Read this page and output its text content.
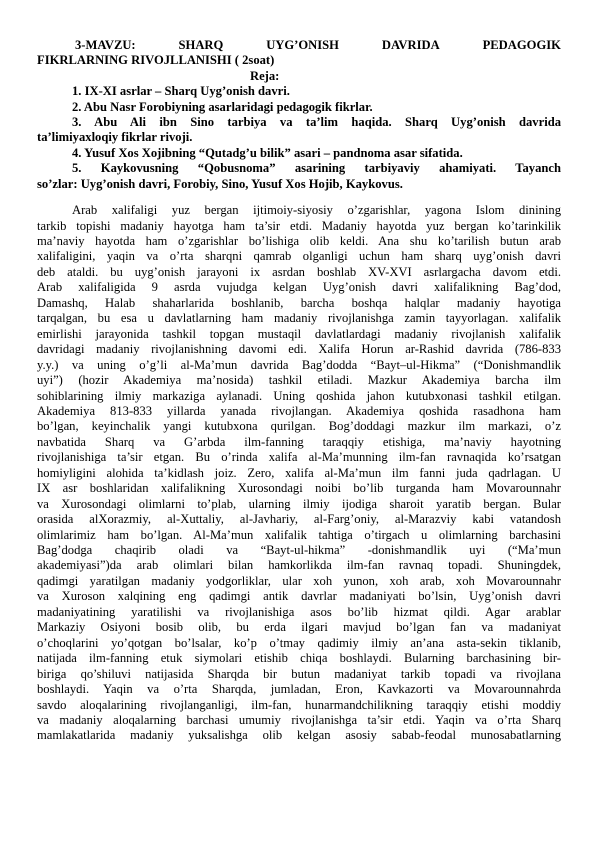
3-MAVZU:	SHARQ	UYG’ONISH	DAVRIDA	PEDAGOGIK
FIKRLARNING RIVOJLLANISHI ( 2soat)
Reja:
1. IX-XI asrlar – Sharq Uyg’onish davri.
2. Abu Nasr Forobiyning asarlaridagi pedagogik fikrlar.
3. Abu Ali ibn Sino tarbiya va ta’lim haqida. Sharq Uyg’onish davrida
ta’limiyaxloqiy fikrlar rivoji.
4. Yusuf Xos Xojibning “Qutadg’u bilik” asari – pandnoma asar sifatida.
5. Kaykovusning “Qobusnoma” asarining tarbiyaviy ahamiyati. Tayanch
so’zlar: Uyg’onish davri, Forobiy, Sino, Yusuf Xos Hojib, Kaykovus.
Arab xalifaligi yuz bergan ijtimoiy-siyosiy o’zgarishlar, yagona Islom dinining
tarkib topishi madaniy hayotga ham ta’sir etdi. Madaniy hayotda yuz bergan ko’tarinkilik
ma’naviy hayotda ham o’zgarishlar bo’lishiga olib keldi. Ana shu ko’tarilish butun arab
xalifaligini, yaqin va o’rta sharqni qamrab olganligi uchun ham sharq uyg’onish davri
deb ataldi. bu uyg’onish jarayoni ix asrdan boshlab XV-XVI asrlargacha davom etdi.
Arab xalifaligida 9 asrda vujudga kelgan Uyg’onish davri xalifalikning Bag’dod,
Damashq, Halab shaharlarida boshlanib, barcha boshqa halqlar madaniy hayotiga
tarqalgan, bu esa u davlatlarning ham madaniy rivojlanishga zamin tayyorlagan. xalifalik
emirlishi jarayonida tashkil topgan mustaqil davlatlardagi madaniy rivojlanish xalifalik
davridagi madaniy rivojlanishning davomi edi. Xalifa Horun ar-Rashid davrida (786-833
y.y.) va uning o’g’li al-Ma’mun davrida Bag’dodda “Bayt–ul-Hikma” (“Donishmandlik
uyi”) (hozir Akademiya ma’nosida) tashkil etiladi. Mazkur Akademiya barcha ilm
sohiblarining ilmiy markaziga aylanadi. Uning qoshida jahon kutubxonasi tashkil etilgan.
Akademiya 813-833 yillarda yanada rivojlangan. Akademiya qoshida rasadhona ham
bo’lgan, keyinchalik yangi kutubxona qurilgan. Bog’doddagi mazkur ilm markazi, o’z
navbatida Sharq va G’arbda ilm-fanning taraqqiy etishiga, ma’naviy hayotning
rivojlanishiga ta’sir etgan. Bu o’rinda xalifa al-Ma’munning ilm-fan ravnaqida ko’rsatgan
homiyligini alohida ta’kidlash joiz. Zero, xalifa al-Ma’mun ilm fanni juda qadrlagan. U
IX asr boshlaridan xalifalikning Xurosondagi noibi bo’lib turganda ham Movarounnahr
va Xurosondagi olimlarni to’plab, ularning ilmiy ijodiga sharoit yaratib bergan. Bular
orasida alXorazmiy, al-Xuttaliy, al-Javhariy, al-Farg’oniy, al-Marazviy kabi vatandosh
olimlarimiz ham bo’lgan. Al-Ma’mun xalifalik tahtiga o’tirgach u olimlarning barchasini
Bag’dodga chaqirib oladi va “Bayt-ul-hikma” -donishmandlik uyi (“Ma’mun
akademiyasi”)da arab olimlari bilan hamkorlikda ilm-fan ravnaq topadi. Shuningdek,
qadimgi yaratilgan madaniy yodgorliklar, ular xoh yunon, xoh arab, xoh Movarounnahr
va Xuroson xalqining eng qadimgi antik davrlar madaniyati bo’lsin, Uyg’onish davri
madaniyatining yaratilishi va rivojlanishiga asos bo’lib hizmat qildi. Agar arablar
Markaziy Osiyoni bosib olib, bu erda ilgari mavjud bo’lgan fan va madaniyat
o’choqlarini yo’qotgan bo’lsalar, ko’p o’tmay qadimiy ilmiy an’ana asta-sekin tiklanib,
natijada ilm-fanning etuk siymolari etishib chiqa boshlaydi. Bularning barchasining bir-
biriga qo’shiluvi natijasida Sharqda bir butun madaniyat tarkib topadi va rivojlana
boshlaydi. Yaqin va o’rta Sharqda, jumladan, Eron, Kavkazorti va Movarounnahrda
savdo aloqalarining rivojlanganligi, ilm-fan, hunarmandchilikning taraqqiy etishi moddiy
va madaniy aloqalarning barchasi umumiy rivojlanishga ta’sir etdi. Yaqin va o’rta Sharq
mamlakatlarida madaniy yuksalishga olib kelgan asosiy sabab-feodal munosabatlarning
